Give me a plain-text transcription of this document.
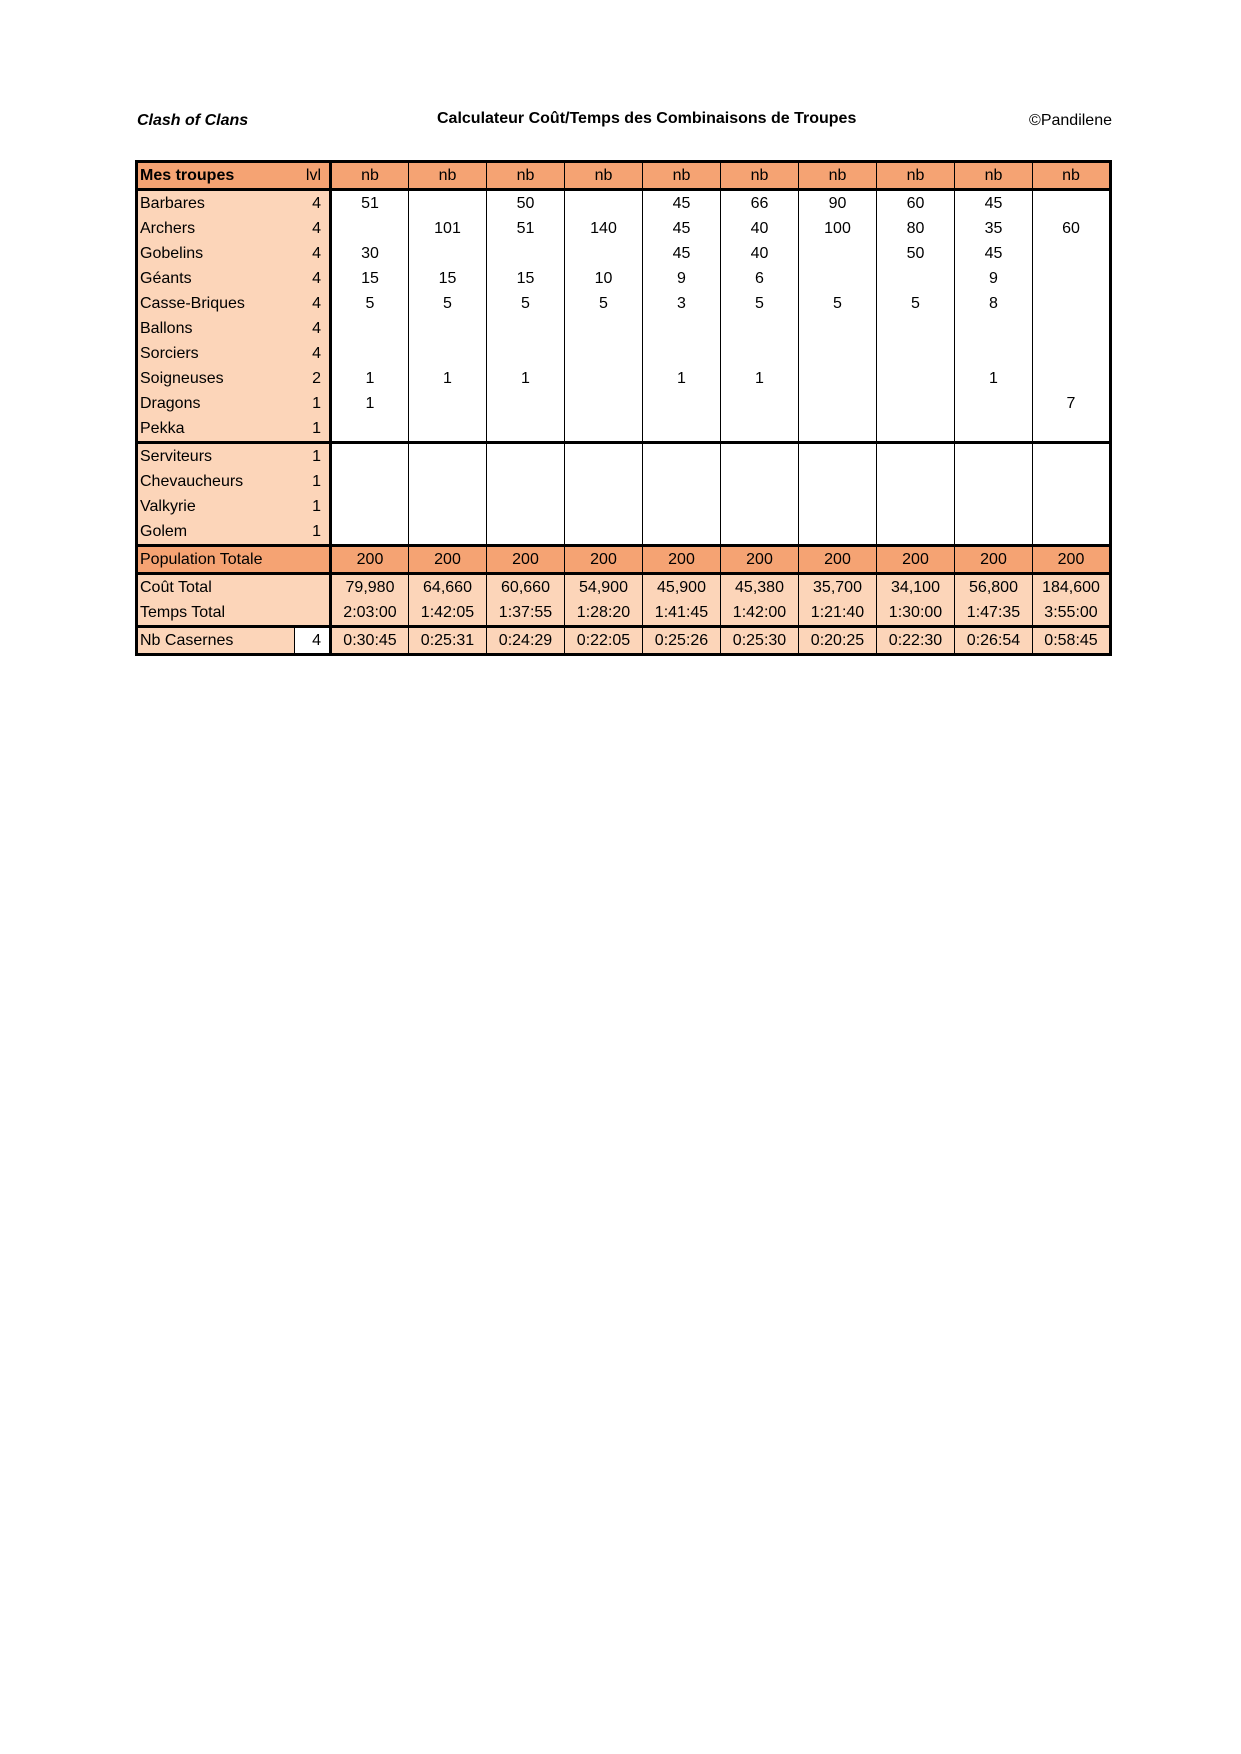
Clash of Clans	Calculateur Coût/Temps des Combinaisons de Troupes	©Pandilene
Mes troupes	lvl	nb	nb	nb	nb	nb	nb	nb	nb	nb	nb
Barbares	4	51		50		45	66	90	60	45	
Archers	4		101	51	140	45	40	100	80	35	60
Gobelins	4	30				45	40		50	45	
Géants	4	15	15	15	10	9	6			9	
Casse-Briques	4	5	5	5	5	3	5	5	5	8	
Ballons	4										
Sorciers	4										
Soigneuses	2	1	1	1		1	1			1	
Dragons	1	1									7
Pekka	1										
Serviteurs	1										
Chevaucheurs	1										
Valkyrie	1										
Golem	1										
Population Totale		200	200	200	200	200	200	200	200	200	200
Coût Total		79,980	64,660	60,660	54,900	45,900	45,380	35,700	34,100	56,800	184,600
Temps Total		2:03:00	1:42:05	1:37:55	1:28:20	1:41:45	1:42:00	1:21:40	1:30:00	1:47:35	3:55:00
Nb Casernes	4	0:30:45	0:25:31	0:24:29	0:22:05	0:25:26	0:25:30	0:20:25	0:22:30	0:26:54	0:58:45
